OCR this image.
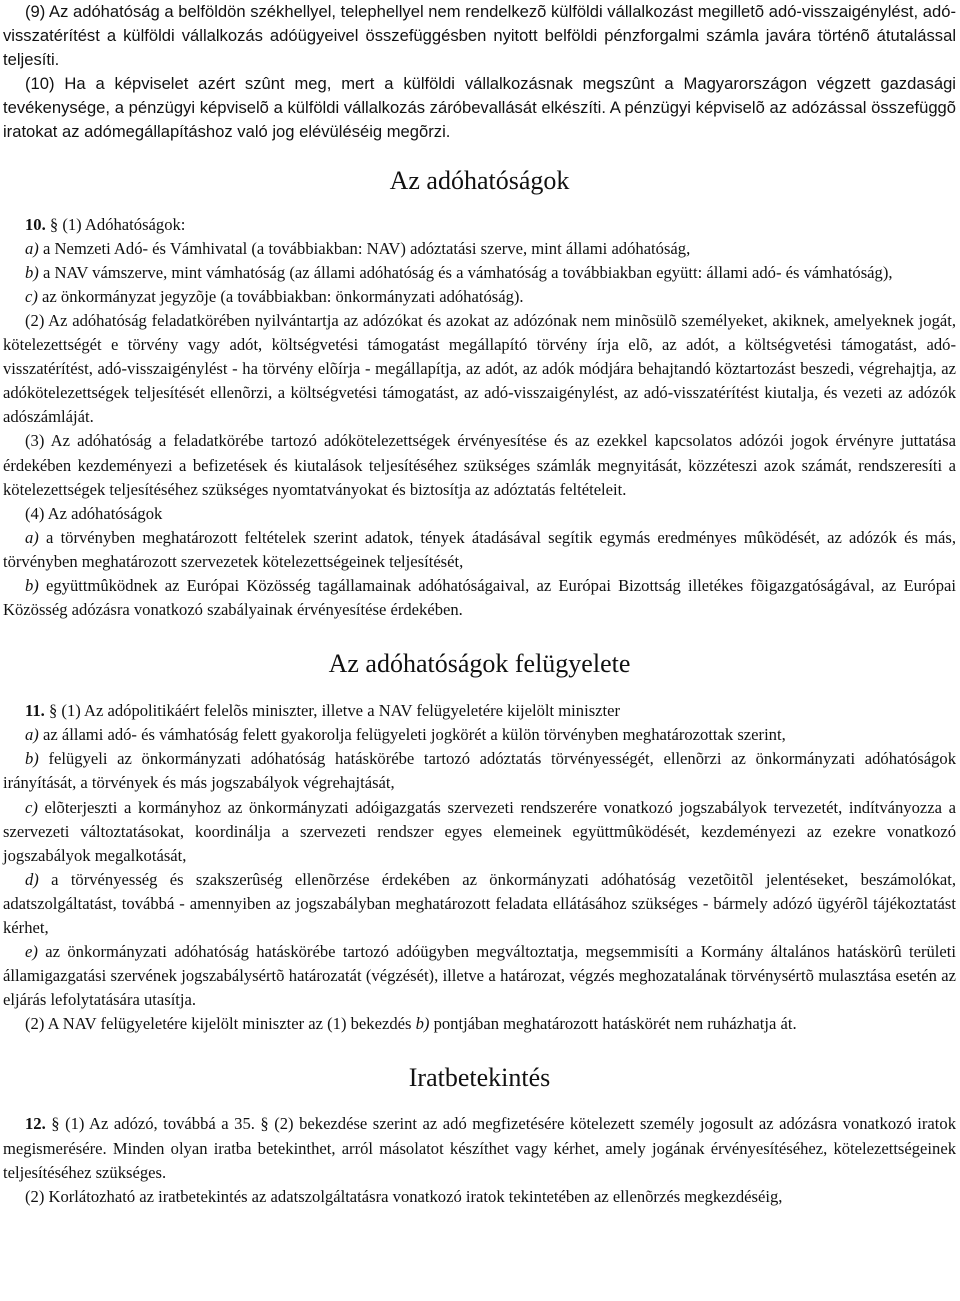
(9) Az adóhatóság a belföldön székhellyel, telephellyel nem rendelkezõ külföldi vállalkozást megilletõ adó-visszaigénylést, adó-visszatérítést a külföldi vállalkozás adóügyeivel összefüggésben nyitott belföldi pénzforgalmi számla javára történõ átutalással teljesíti.

(10) Ha a képviselet azért szûnt meg, mert a külföldi vállalkozásnak megszûnt a Magyarországon végzett gazdasági tevékenysége, a pénzügyi képviselõ a külföldi vállalkozás záróbevallását elkészíti. A pénzügyi képviselõ az adózással összefüggõ iratokat az adómegállapításhoz való jog elévüléséig megõrzi.

Az adóhatóságok

10. § (1) Adóhatóságok:

a) a Nemzeti Adó- és Vámhivatal (a továbbiakban: NAV) adóztatási szerve, mint állami adóhatóság,

b) a NAV vámszerve, mint vámhatóság (az állami adóhatóság és a vámhatóság a továbbiakban együtt: állami adó- és vámhatóság),

c) az önkormányzat jegyzõje (a továbbiakban: önkormányzati adóhatóság).

(2) Az adóhatóság feladatkörében nyilvántartja az adózókat és azokat az adózónak nem minõsülõ személyeket, akiknek, amelyeknek jogát, kötelezettségét e törvény vagy adót, költségvetési támogatást megállapító törvény írja elõ, az adót, a költségvetési támogatást, adó-visszatérítést, adó-visszaigénylést - ha törvény elõírja - megállapítja, az adót, az adók módjára behajtandó köztartozást beszedi, végrehajtja, az adókötelezettségek teljesítését ellenõrzi, a költségvetési támogatást, az adó-visszaigénylést, az adó-visszatérítést kiutalja, és vezeti az adózók adószámláját.

(3) Az adóhatóság a feladatkörébe tartozó adókötelezettségek érvényesítése és az ezekkel kapcsolatos adózói jogok érvényre juttatása érdekében kezdeményezi a befizetések és kiutalások teljesítéséhez szükséges számlák megnyitását, közzéteszi azok számát, rendszeresíti a kötelezettségek teljesítéséhez szükséges nyomtatványokat és biztosítja az adóztatás feltételeit.

(4) Az adóhatóságok

a) a törvényben meghatározott feltételek szerint adatok, tények átadásával segítik egymás eredményes mûködését, az adózók és más, törvényben meghatározott szervezetek kötelezettségeinek teljesítését,

b) együttmûködnek az Európai Közösség tagállamainak adóhatóságaival, az Európai Bizottság illetékes fõigazgatóságával, az Európai Közösség adózásra vonatkozó szabályainak érvényesítése érdekében.

Az adóhatóságok felügyelete

11. § (1) Az adópolitikáért felelõs miniszter, illetve a NAV felügyeletére kijelölt miniszter

a) az állami adó- és vámhatóság felett gyakorolja felügyeleti jogkörét a külön törvényben meghatározottak szerint,

b) felügyeli az önkormányzati adóhatóság hatáskörébe tartozó adóztatás törvényességét, ellenõrzi az önkormányzati adóhatóságok irányítását, a törvények és más jogszabályok végrehajtását,

c) elõterjeszti a kormányhoz az önkormányzati adóigazgatás szervezeti rendszerére vonatkozó jogszabályok tervezetét, indítványozza a szervezeti változtatásokat, koordinálja a szervezeti rendszer egyes elemeinek együttmûködését, kezdeményezi az ezekre vonatkozó jogszabályok megalkotását,

d) a törvényesség és szakszerûség ellenõrzése érdekében az önkormányzati adóhatóság vezetõitõl jelentéseket, beszámolókat, adatszolgáltatást, továbbá - amennyiben az jogszabályban meghatározott feladata ellátásához szükséges - bármely adózó ügyérõl tájékoztatást kérhet,

e) az önkormányzati adóhatóság hatáskörébe tartozó adóügyben megváltoztatja, megsemmisíti a Kormány általános hatáskörû területi államigazgatási szervének jogszabálysértõ határozatát (végzését), illetve a határozat, végzés meghozatalának törvénysértõ mulasztása esetén az eljárás lefolytatására utasítja.

(2) A NAV felügyeletére kijelölt miniszter az (1) bekezdés b) pontjában meghatározott hatáskörét nem ruházhatja át.

Iratbetekintés

12. § (1) Az adózó, továbbá a 35. § (2) bekezdése szerint az adó megfizetésére kötelezett személy jogosult az adózásra vonatkozó iratok megismerésére. Minden olyan iratba betekinthet, arról másolatot készíthet vagy kérhet, amely jogának érvényesítéséhez, kötelezettségeinek teljesítéséhez szükséges.

(2) Korlátozható az iratbetekintés az adatszolgáltatásra vonatkozó iratok tekintetében az ellenõrzés megkezdéséig,
